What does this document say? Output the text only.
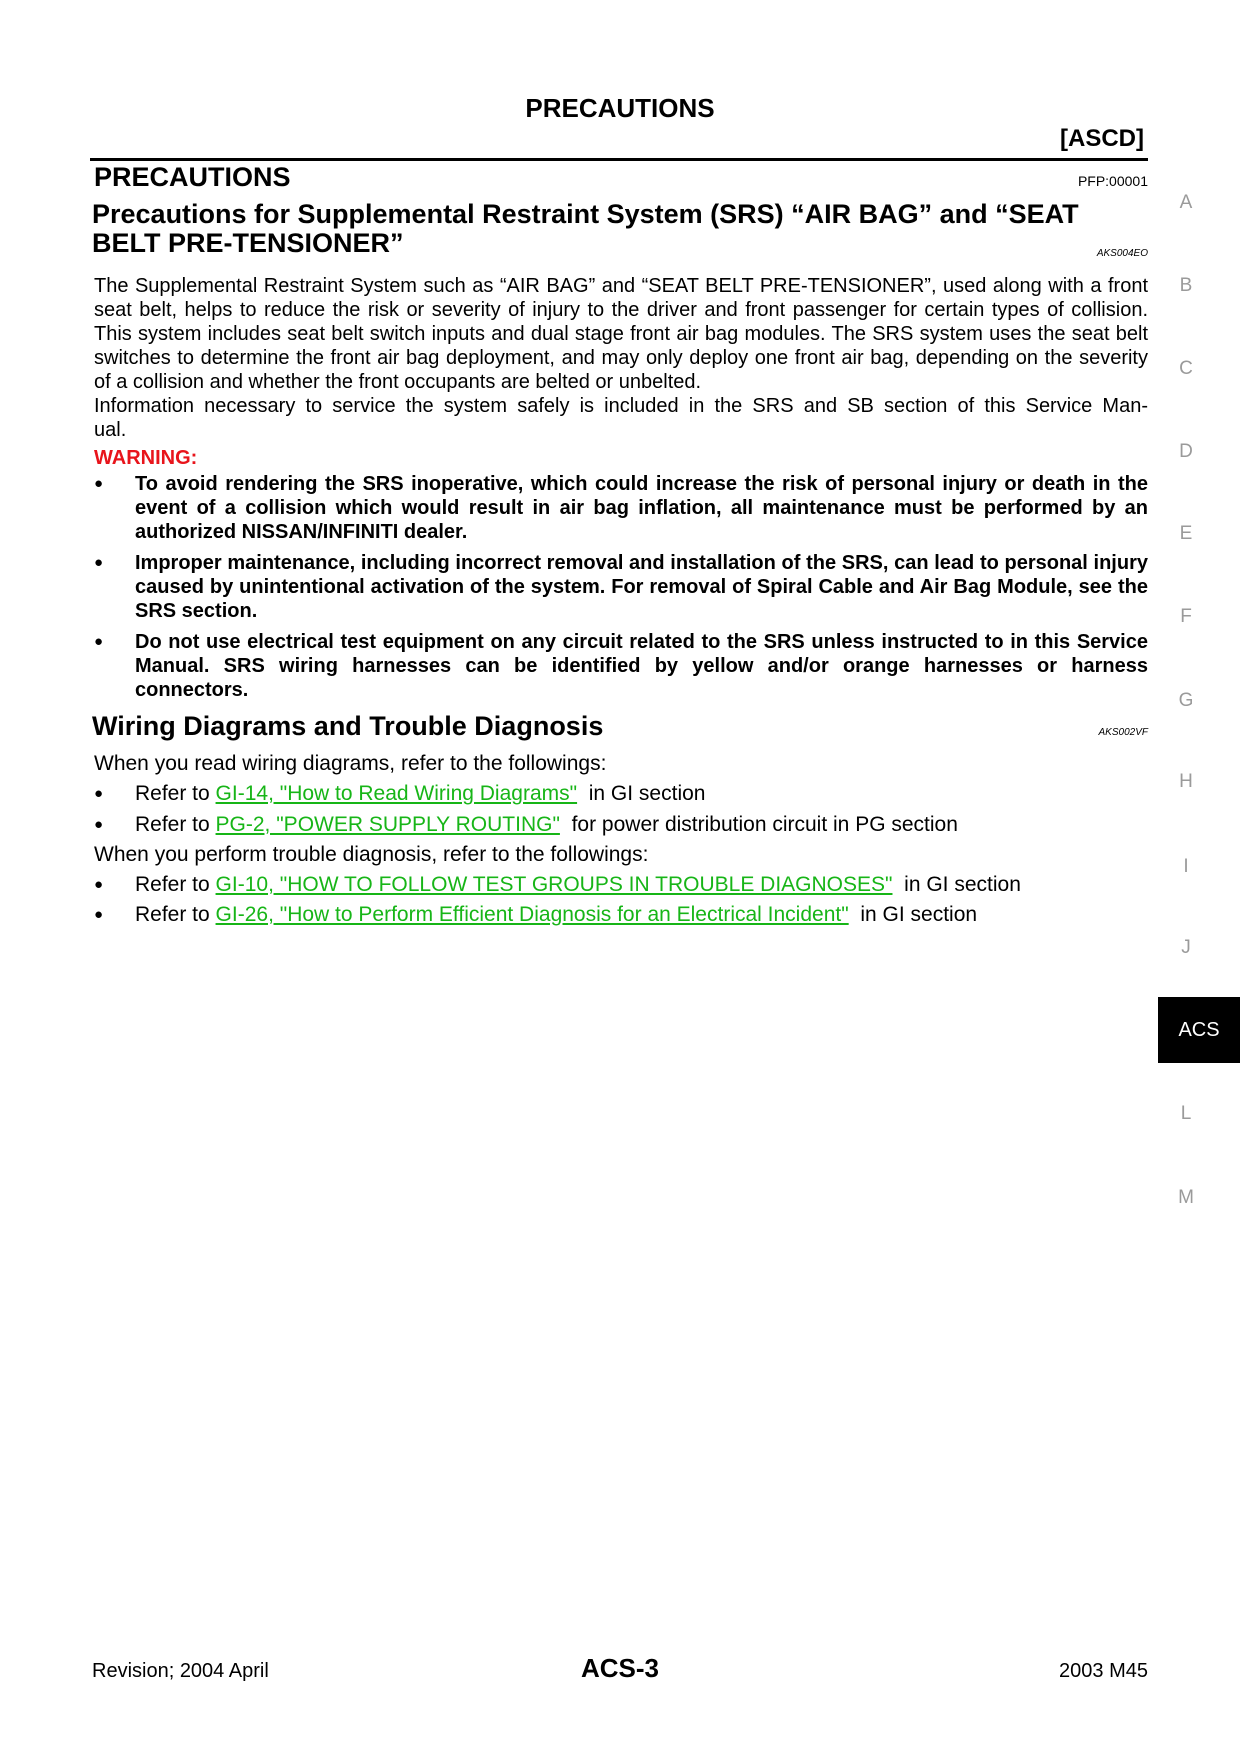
PRECAUTIONS
[ASCD]
PRECAUTIONS	PFP:00001
Precautions for Supplemental Restraint System (SRS) “AIR BAG” and “SEAT
BELT PRE-TENSIONER”	AKS004EO
The Supplemental Restraint System such as “AIR BAG” and “SEAT BELT PRE-TENSIONER”, used along with a front seat belt, helps to reduce the risk or severity of injury to the driver and front passenger for certain types of collision. This system includes seat belt switch inputs and dual stage front air bag modules. The SRS system uses the seat belt switches to determine the front air bag deployment, and may only deploy one front air bag, depending on the severity of a collision and whether the front occupants are belted or unbelted.
Information necessary to service the system safely is included in the SRS and SB section of this Service Man-
ual.
WARNING:
● To avoid rendering the SRS inoperative, which could increase the risk of personal injury or death in the event of a collision which would result in air bag inflation, all maintenance must be performed by an authorized NISSAN/INFINITI dealer.
● Improper maintenance, including incorrect removal and installation of the SRS, can lead to personal injury caused by unintentional activation of the system. For removal of Spiral Cable and Air Bag Module, see the SRS section.
● Do not use electrical test equipment on any circuit related to the SRS unless instructed to in this Service Manual. SRS wiring harnesses can be identified by yellow and/or orange harnesses or harness connectors.
Wiring Diagrams and Trouble Diagnosis	AKS002VF
When you read wiring diagrams, refer to the followings:
● Refer to GI-14, "How to Read Wiring Diagrams"  in GI section
● Refer to PG-2, "POWER SUPPLY ROUTING"  for power distribution circuit in PG section
When you perform trouble diagnosis, refer to the followings:
● Refer to GI-10, "HOW TO FOLLOW TEST GROUPS IN TROUBLE DIAGNOSES"  in GI section
● Refer to GI-26, "How to Perform Efficient Diagnosis for an Electrical Incident"  in GI section
A
B
C
D
E
F
G
H
I
J
ACS
L
M
Revision; 2004 April	ACS-3	2003 M45
